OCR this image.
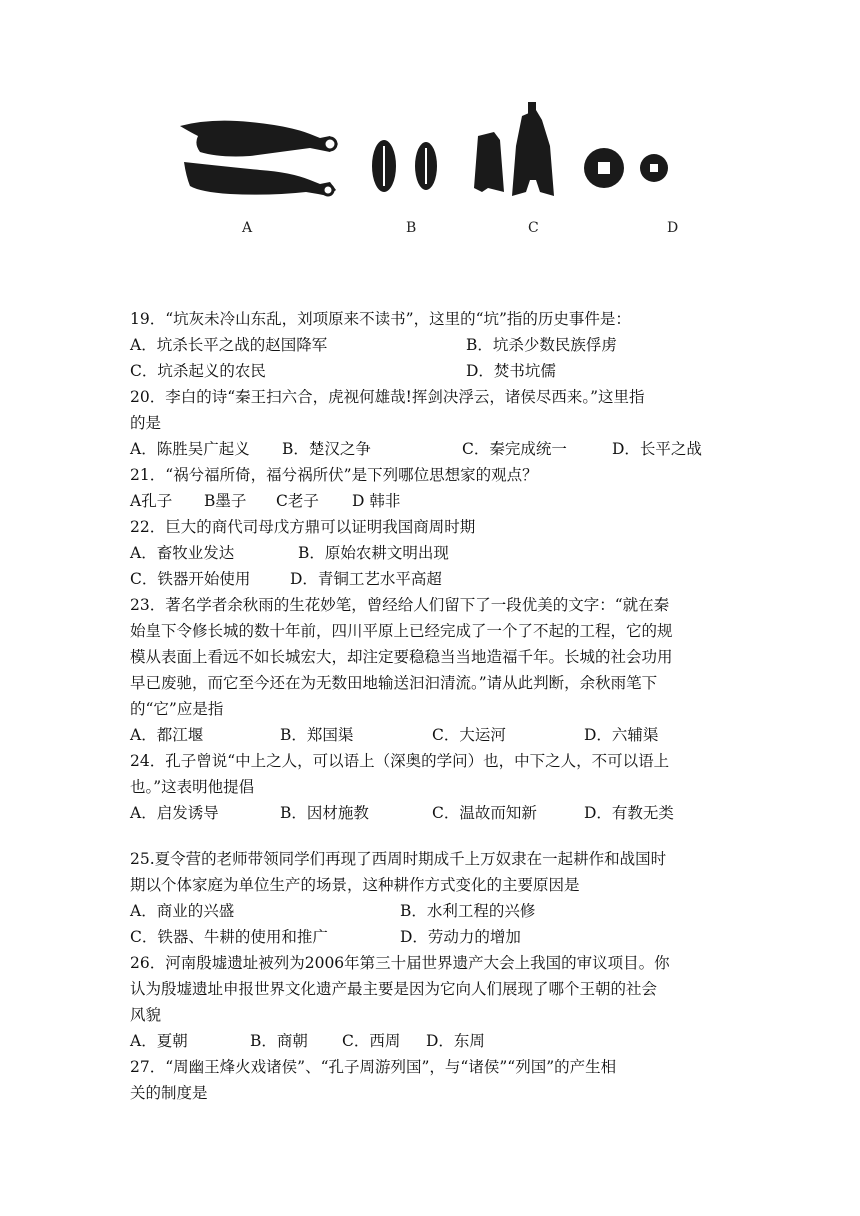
A	B	C	D
19．“坑灰未冷山东乱，刘项原来不读书”，这里的“坑”指的历史事件是：
A．坑杀长平之战的赵国降军	B．坑杀少数民族俘虏
C．坑杀起义的农民	D．焚书坑儒
20．李白的诗“秦王扫六合，虎视何雄哉!挥剑决浮云，诸侯尽西来。”这里指
的是
A．陈胜吴广起义 B．楚汉之争	C．秦完成统一	D．长平之战
21．“祸兮福所倚，福兮祸所伏”是下列哪位思想家的观点？
A孔子 B墨子 C老子 D 韩非
22．巨大的商代司母戊方鼎可以证明我国商周时期
A．畜牧业发达	B．原始农耕文明出现
C．铁器开始使用	D．青铜工艺水平高超
23．著名学者余秋雨的生花妙笔，曾经给人们留下了一段优美的文字：“就在秦
始皇下令修长城的数十年前，四川平原上已经完成了一个了不起的工程，它的规
模从表面上看远不如长城宏大，却注定要稳稳当当地造福千年。长城的社会功用
早已废驰，而它至今还在为无数田地输送汩汩清流。”请从此判断，余秋雨笔下
的“它”应是指
A．都江堰	B．郑国渠	C．大运河	D．六辅渠
24．孔子曾说“中上之人，可以语上（深奥的学问）也，中下之人，不可以语上
也。”这表明他提倡
A．启发诱导	B．因材施教	C．温故而知新	D．有教无类
25.夏令营的老师带领同学们再现了西周时期成千上万奴隶在一起耕作和战国时
期以个体家庭为单位生产的场景，这种耕作方式变化的主要原因是
A．商业的兴盛	B．水利工程的兴修
C．铁器、牛耕的使用和推广	D．劳动力的增加
26．河南殷墟遗址被列为2006年第三十届世界遗产大会上我国的审议项目。你
认为殷墟遗址申报世界文化遗产最主要是因为它向人们展现了哪个王朝的社会
风貌
A．夏朝	B．商朝 C．西周 D．东周
27．“周幽王烽火戏诸侯”、“孔子周游列国”，与“诸侯”“列国”的产生相
关的制度是
